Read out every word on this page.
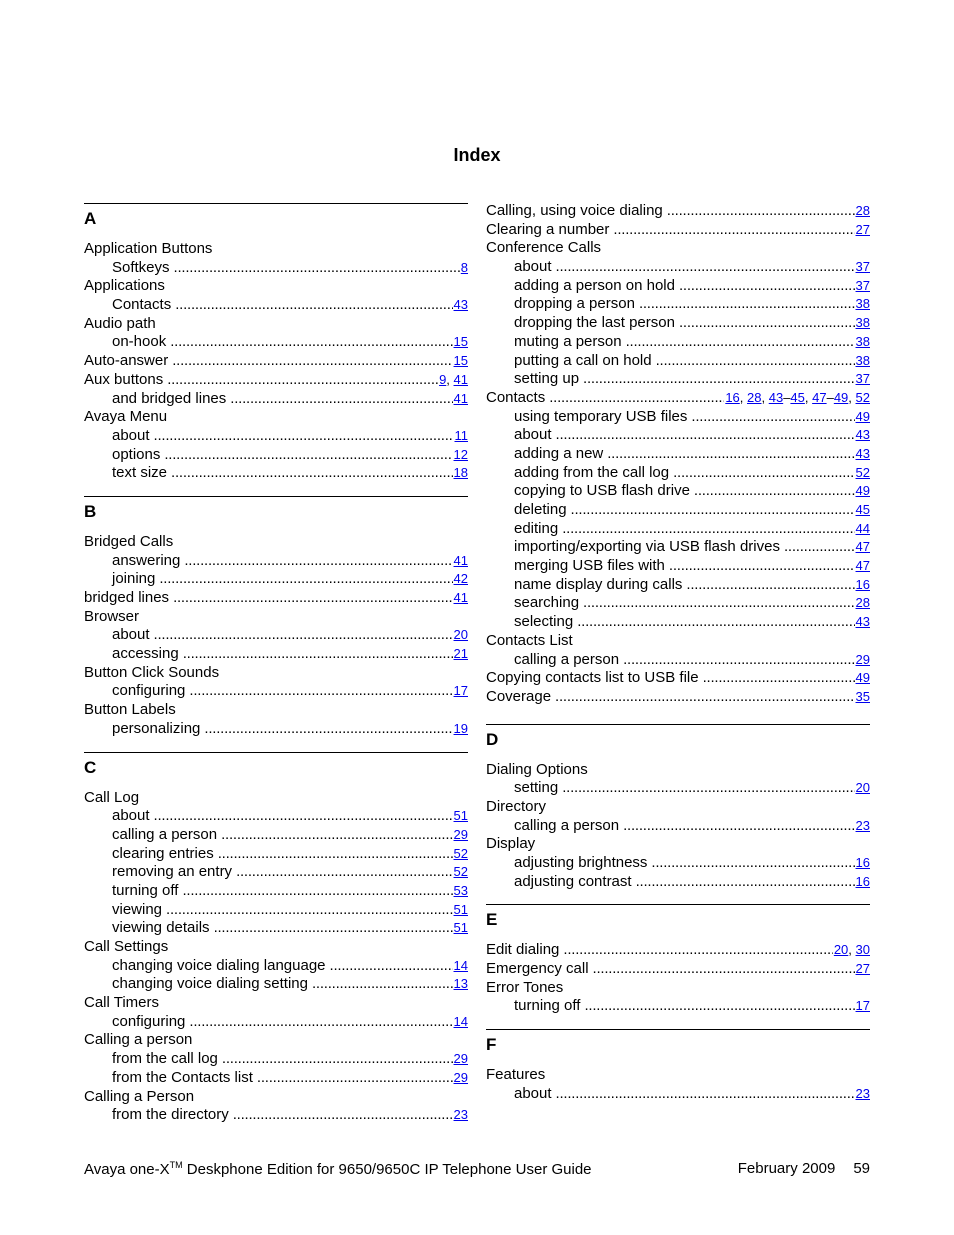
Index
A
Application Buttons
Softkeys . . .	8
Applications
Contacts . . .	43
Audio path
on-hook . . .	15
Auto-answer . . .	15
Aux buttons . . .	9, 41
and bridged lines . . .	41
Avaya Menu
about . . .	11
options . . .	12
text size . . .	18
B
Bridged Calls
answering . . .	41
joining . . .	42
bridged lines . . .	41
Browser
about . . .	20
accessing . . .	21
Button Click Sounds
configuring . . .	17
Button Labels
personalizing . . .	19
C
Call Log
about . . .	51
calling a person . . .	29
clearing entries . . .	52
removing an entry . . .	52
turning off . . .	53
viewing . . .	51
viewing details . . .	51
Call Settings
changing voice dialing language . . .	14
changing voice dialing setting . . .	13
Call Timers
configuring . . .	14
Calling a person
from the call log . . .	29
from the Contacts list . . .	29
Calling a Person
from the directory . . .	23
Calling, using voice dialing . . .	28
Clearing a number . . .	27
Conference Calls
about . . .	37
adding a person on hold . . .	37
dropping a person . . .	38
dropping the last person . . .	38
muting a person . . .	38
putting a call on hold . . .	38
setting up . . .	37
Contacts . . .	16, 28, 43–45, 47–49, 52
using temporary USB files . . .	49
about . . .	43
adding a new . . .	43
adding from the call log . . .	52
copying to USB flash drive . . .	49
deleting . . .	45
editing . . .	44
importing/exporting via USB flash drives . . .	47
merging USB files with . . .	47
name display during calls . . .	16
searching . . .	28
selecting . . .	43
Contacts List
calling a person . . .	29
Copying contacts list to USB file . . .	49
Coverage . . .	35
D
Dialing Options
setting . . .	20
Directory
calling a person . . .	23
Display
adjusting brightness . . .	16
adjusting contrast . . .	16
E
Edit dialing . . .	20, 30
Emergency call . . .	27
Error Tones
turning off . . .	17
F
Features
about . . .	23
Avaya one-X™ Deskphone Edition for 9650/9650C IP Telephone User Guide	February 2009 59
